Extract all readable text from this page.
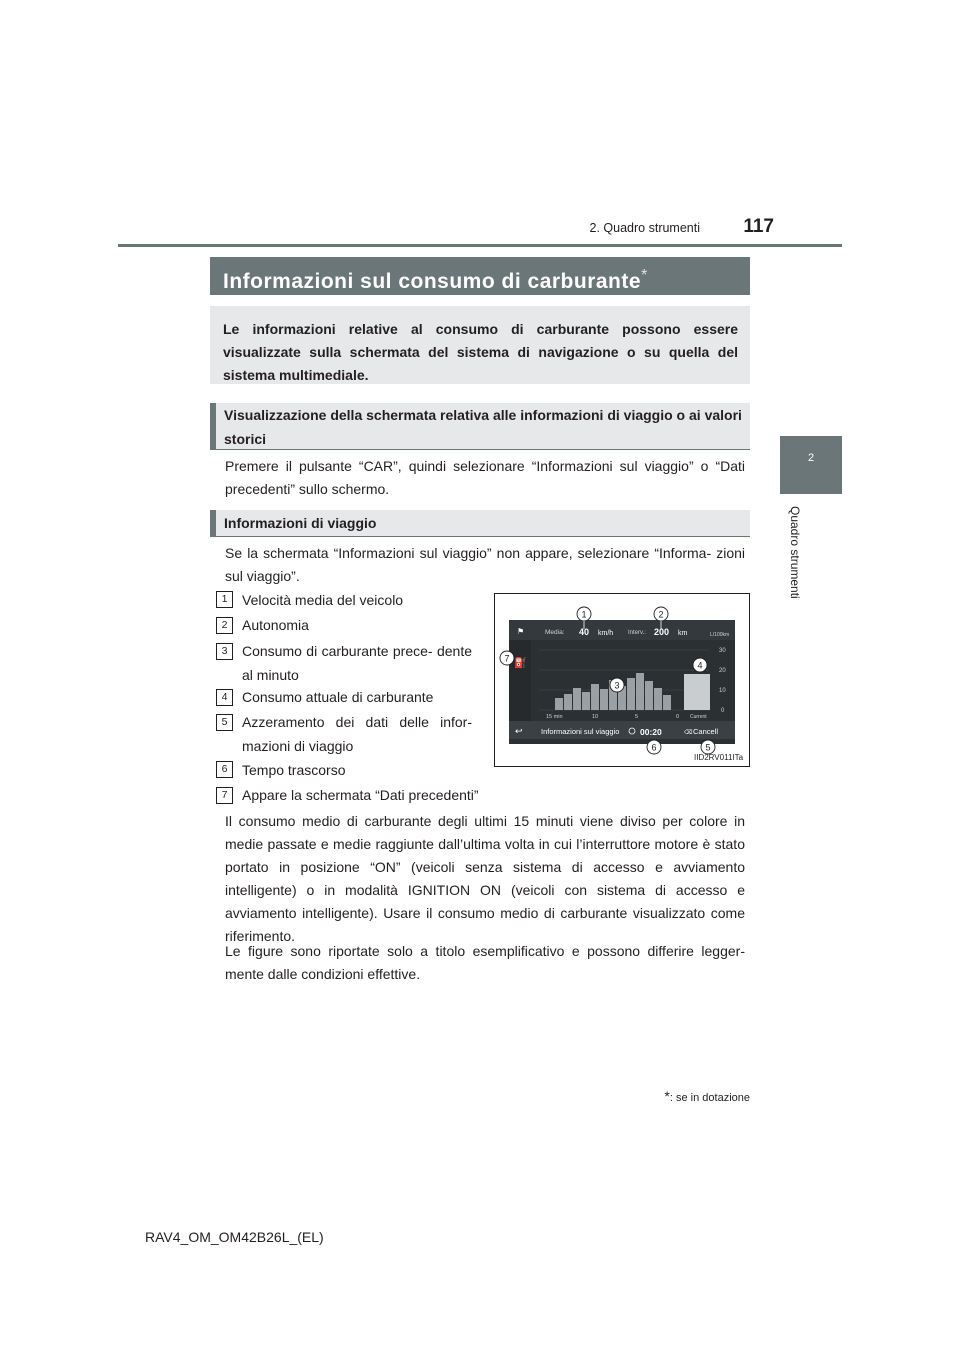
2. Quadro strumenti	117
2
Quadro strumenti
Informazioni sul consumo di carburante*
Le informazioni relative al consumo di carburante possono essere visualizzate sulla schermata del sistema di navigazione o su quella del sistema multimediale.
Visualizzazione della schermata relativa alle informazioni di viaggio o ai valori storici
Premere il pulsante “CAR”, quindi selezionare “Informazioni sul viaggio” o “Dati precedenti” sullo schermo.
Informazioni di viaggio
Se la schermata “Informazioni sul viaggio” non appare, selezionare “Informa- zioni sul viaggio”.
1	Velocità media del veicolo
2	Autonomia
3	Consumo di carburante prece- dente al minuto
4	Consumo attuale di carburante
5	Azzeramento dei dati delle infor- mazioni di viaggio
6	Tempo trascorso
7	Appare la schermata “Dati precedenti”
⚑	Media: 40 km/h Interv.: 200 km	L/100km
⛽
30
20
10
0
15 min	10	5	0 Current
↩ Informazioni sul viaggio 00:20	⌫ Cancell
1	2
3
4
5
6
7
IID2RV011ITa
Il consumo medio di carburante degli ultimi 15 minuti viene diviso per colore in medie passate e medie raggiunte dall’ultima volta in cui l’interruttore motore è stato portato in posizione “ON” (veicoli senza sistema di accesso e avviamento intelligente) o in modalità IGNITION ON (veicoli con sistema di accesso e avviamento intelligente). Usare il consumo medio di carburante visualizzato come riferimento.
Le figure sono riportate solo a titolo esemplificativo e possono differire legger- mente dalle condizioni effettive.
*: se in dotazione
RAV4_OM_OM42B26L_(EL)
